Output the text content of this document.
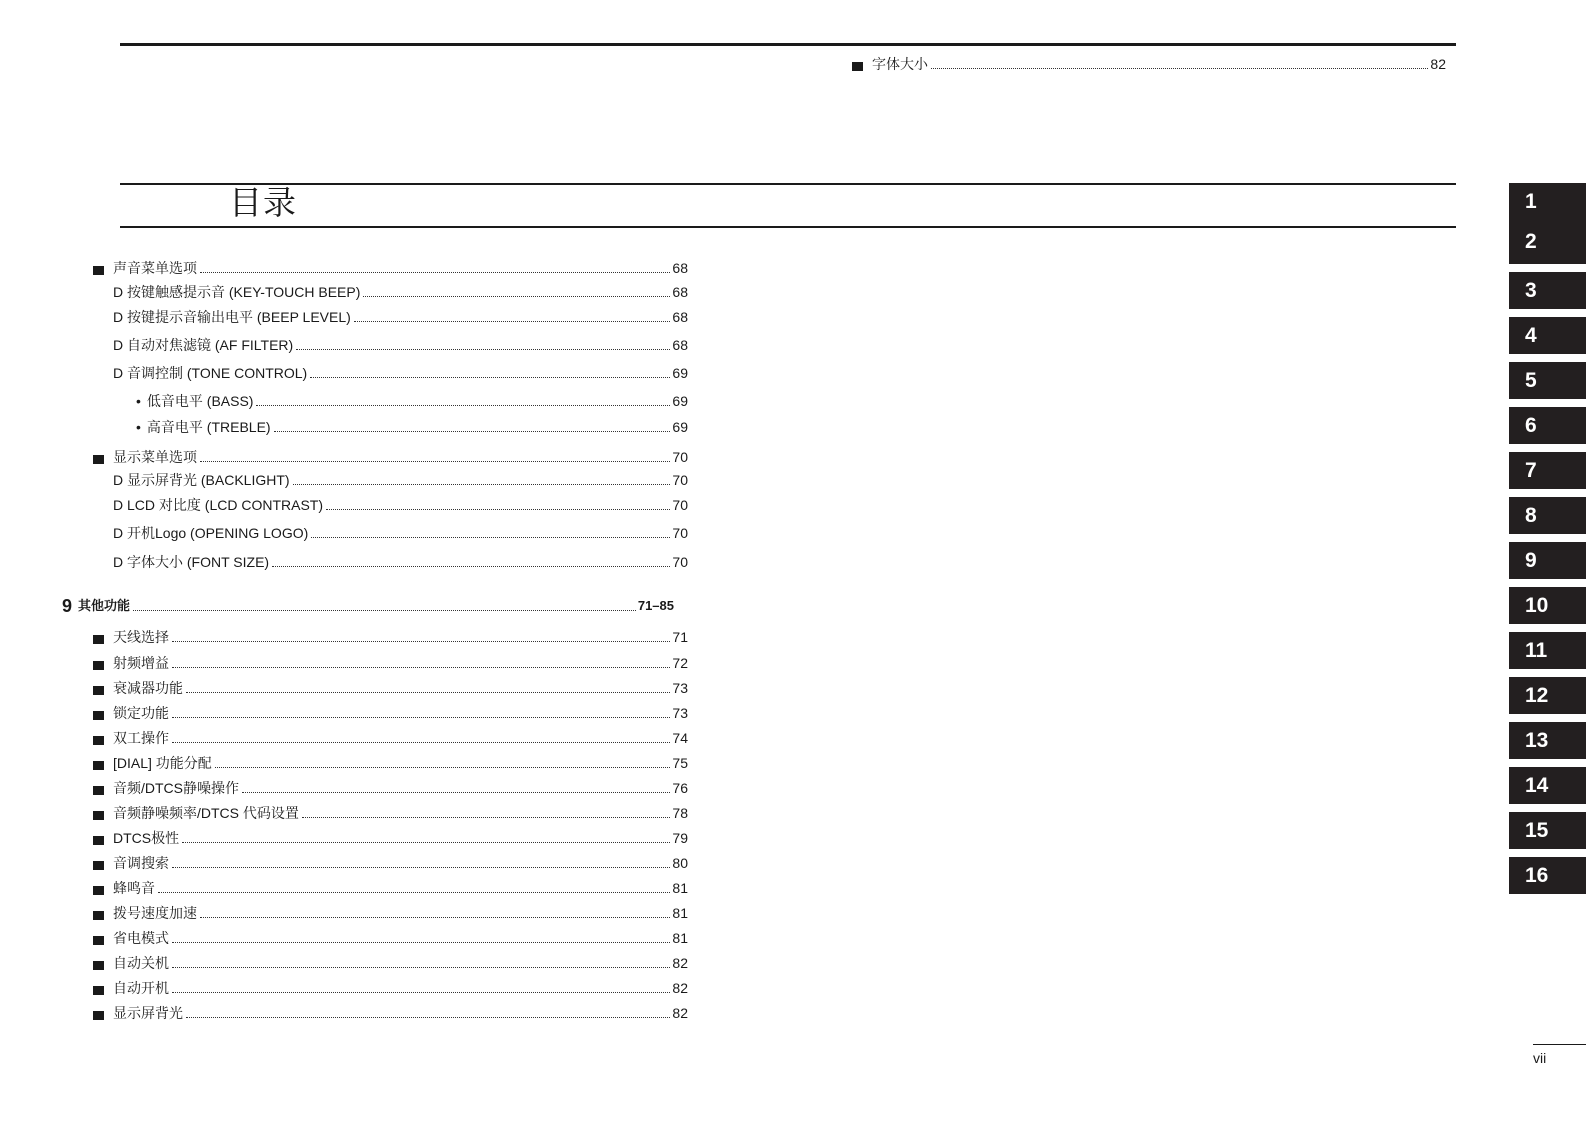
字体大小	82
目录
声音菜单选项	68
D 按键触感提示音 (KEY-TOUCH BEEP)	68
D 按键提示音输出电平 (BEEP LEVEL)	68
D 自动对焦滤镜 (AF FILTER)	68
D 音调控制 (TONE CONTROL)	69
• 低音电平 (BASS)	69
• 高音电平 (TREBLE)	69
显示菜单选项	70
D 显示屏背光 (BACKLIGHT)	70
D LCD 对比度 (LCD CONTRAST)	70
D 开机Logo (OPENING LOGO)	70
D 字体大小 (FONT SIZE)	70
9 其他功能	71–85
天线选择	71
射频增益	72
衰减器功能	73
锁定功能	73
双工操作	74
[DIAL] 功能分配	75
音频/DTCS静噪操作	76
音频静噪频率/DTCS 代码设置	78
DTCS极性	79
音调搜索	80
蜂鸣音	81
拨号速度加速	81
省电模式	81
自动关机	82
自动开机	82
显示屏背光	82
1
2
3
4
5
6
7
8
9
10
11
12
13
14
15
16
vii
